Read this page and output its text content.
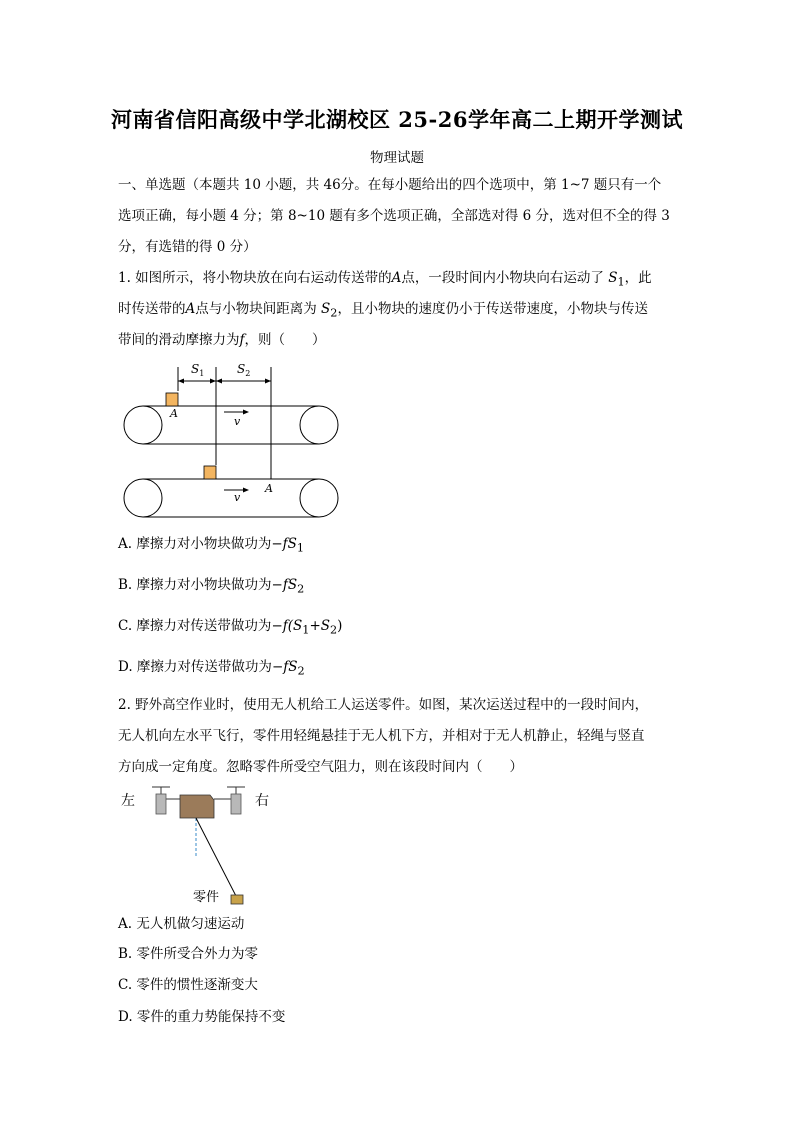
河南省信阳高级中学北湖校区 25-26学年高二上期开学测试
物理试题
一、单选题（本题共 10 小题，共 46分。在每小题给出的四个选项中，第 1~7 题只有一个
选项正确，每小题 4 分；第 8~10 题有多个选项正确，全部选对得 6 分，选对但不全的得 3
分，有选错的得 0 分）
1. 如图所示，将小物块放在向右运动传送带的A点，一段时间内小物块向右运动了 $S_1$，此
时传送带的A点与小物块间距离为 $S_2$，且小物块的速度仍小于传送带速度，小物块与传送
带间的滑动摩擦力为f，则（　　）
$S_1$	$S_2$
A
A
v
v
A. 摩擦力对小物块做功为$-fS_1$
B. 摩擦力对小物块做功为$-fS_2$
C. 摩擦力对传送带做功为$-f(S_1+S_2)$
D. 摩擦力对传送带做功为$-fS_2$
2. 野外高空作业时，使用无人机给工人运送零件。如图，某次运送过程中的一段时间内，
无人机向左水平飞行，零件用轻绳悬挂于无人机下方，并相对于无人机静止，轻绳与竖直
方向成一定角度。忽略零件所受空气阻力，则在该段时间内（　　）
左	右
零件
A. 无人机做匀速运动
B. 零件所受合外力为零
C. 零件的惯性逐渐变大
D. 零件的重力势能保持不变
